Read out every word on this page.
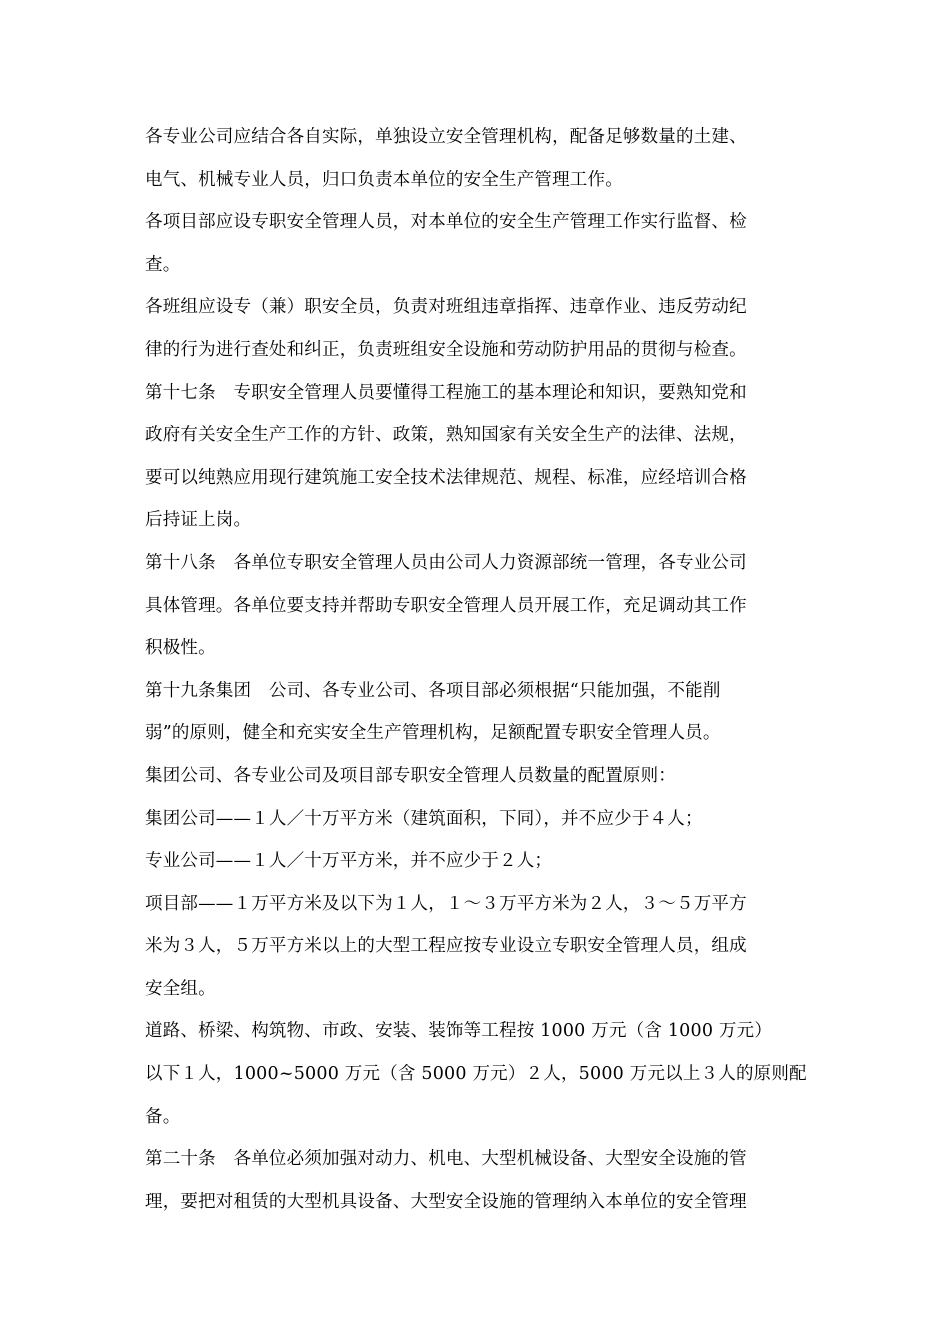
各专业公司应结合各自实际，单独设立安全管理机构，配备足够数量的土建、
电气、机械专业人员，归口负责本单位的安全生产管理工作。
各项目部应设专职安全管理人员，对本单位的安全生产管理工作实行监督、检
查。
各班组应设专（兼）职安全员，负责对班组违章指挥、违章作业、违反劳动纪
律的行为进行查处和纠正，负责班组安全设施和劳动防护用品的贯彻与检查。
第十七条　专职安全管理人员要懂得工程施工的基本理论和知识，要熟知党和
政府有关安全生产工作的方针、政策，熟知国家有关安全生产的法律、法规，
要可以纯熟应用现行建筑施工安全技术法律规范、规程、标准，应经培训合格
后持证上岗。
第十八条　各单位专职安全管理人员由公司人力资源部统一管理，各专业公司
具体管理。各单位要支持并帮助专职安全管理人员开展工作，充足调动其工作
积极性。
第十九条集团　公司、各专业公司、各项目部必须根据“只能加强，不能削
弱”的原则，健全和充实安全生产管理机构，足额配置专职安全管理人员。
集团公司、各专业公司及项目部专职安全管理人员数量的配置原则：
集团公司——１人／十万平方米（建筑面积，下同），并不应少于４人；
专业公司——１人／十万平方米，并不应少于２人；
项目部——１万平方米及以下为１人，１～３万平方米为２人，３～５万平方
米为３人，５万平方米以上的大型工程应按专业设立专职安全管理人员，组成
安全组。
道路、桥梁、构筑物、市政、安装、装饰等工程按 1000 万元（含 1000 万元）
以下１人，1000~5000 万元（含 5000 万元）２人，5000 万元以上３人的原则配
备。
第二十条　各单位必须加强对动力、机电、大型机械设备、大型安全设施的管
理，要把对租赁的大型机具设备、大型安全设施的管理纳入本单位的安全管理
